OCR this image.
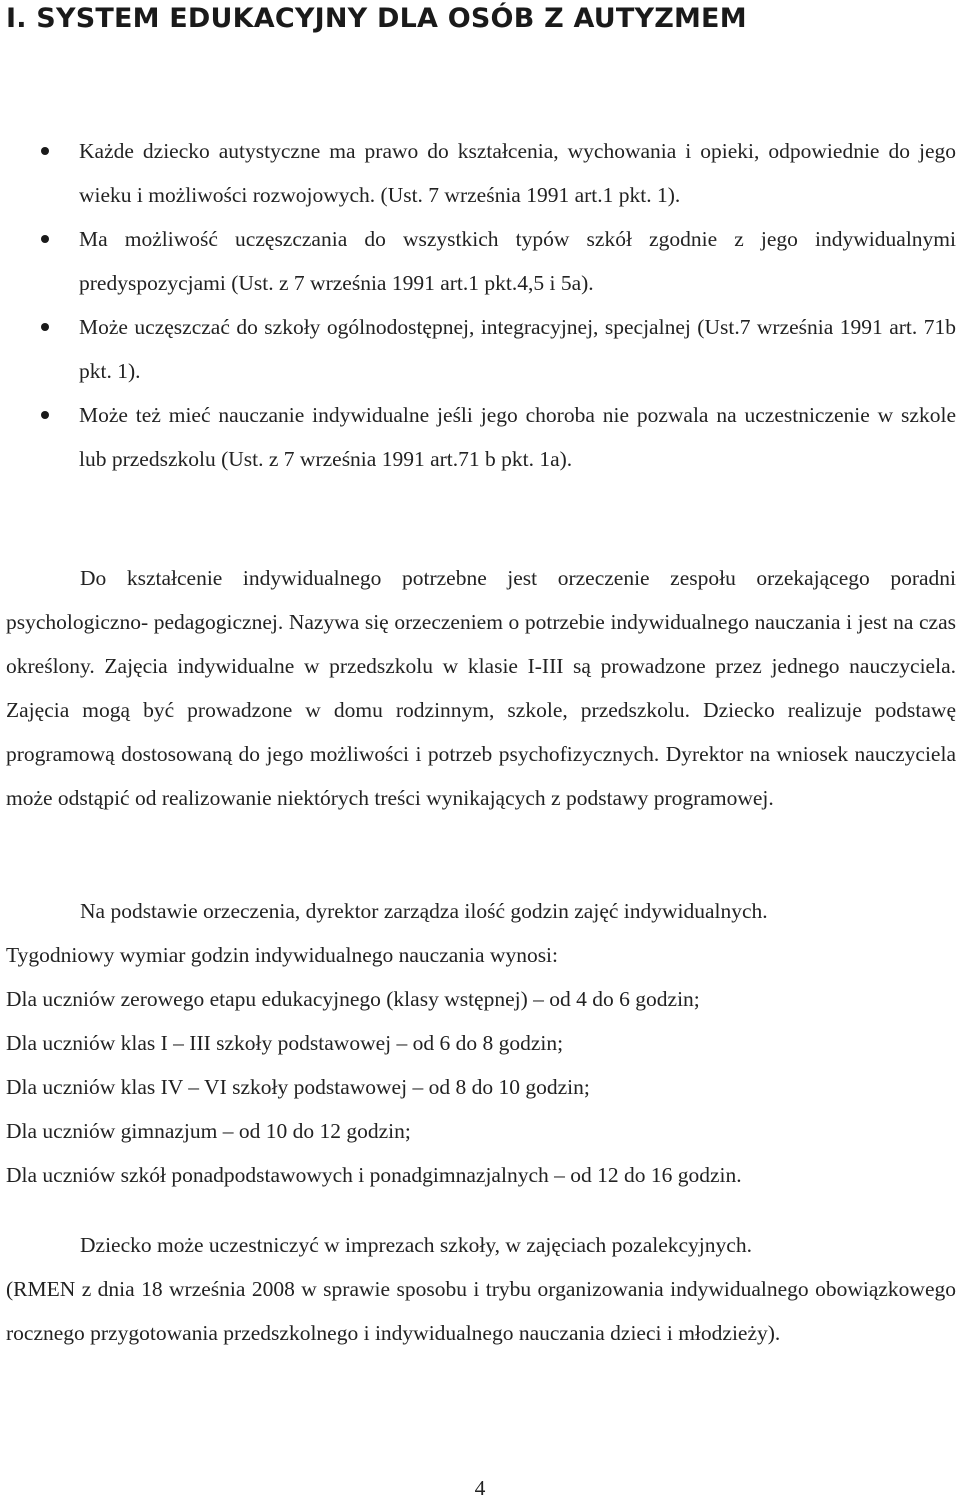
I. SYSTEM EDUKACYJNY DLA OSÓB Z AUTYZMEM
Każde dziecko autystyczne ma prawo do kształcenia, wychowania i opieki, odpowiednie do jego wieku i możliwości rozwojowych. (Ust. 7 września 1991 art.1 pkt. 1).
Ma możliwość uczęszczania do wszystkich typów szkół zgodnie z jego indywidualnymi predyspozycjami (Ust. z 7 września 1991 art.1 pkt.4,5 i 5a).
Może uczęszczać do szkoły ogólnodostępnej, integracyjnej, specjalnej (Ust.7 września 1991 art. 71b pkt. 1).
Może też mieć nauczanie indywidualne jeśli jego choroba nie pozwala na uczestniczenie w szkole lub przedszkolu (Ust. z 7 września 1991 art.71 b pkt. 1a).

Do kształcenie indywidualnego potrzebne jest orzeczenie zespołu orzekającego poradni psychologiczno- pedagogicznej. Nazywa się orzeczeniem o potrzebie indywidualnego nauczania i jest na czas określony. Zajęcia indywidualne w przedszkolu w klasie I-III są prowadzone przez jednego nauczyciela. Zajęcia mogą być prowadzone w domu rodzinnym, szkole, przedszkolu. Dziecko realizuje podstawę programową dostosowaną do jego możliwości i potrzeb psychofizycznych. Dyrektor na wniosek nauczyciela może odstąpić od realizowanie niektórych treści wynikających z podstawy programowej.

Na podstawie orzeczenia, dyrektor zarządza ilość godzin zajęć indywidualnych.

Tygodniowy wymiar godzin indywidualnego nauczania wynosi:

Dla uczniów zerowego etapu edukacyjnego (klasy wstępnej) – od 4 do 6 godzin;

Dla uczniów klas I – III szkoły podstawowej – od 6 do 8 godzin;

Dla uczniów klas IV – VI szkoły podstawowej – od 8 do 10 godzin;

Dla uczniów gimnazjum – od 10 do 12 godzin;

Dla uczniów szkół ponadpodstawowych i ponadgimnazjalnych – od 12 do 16 godzin.

Dziecko może uczestniczyć w imprezach szkoły, w zajęciach pozalekcyjnych.

(RMEN z dnia 18 września 2008 w sprawie sposobu i trybu organizowania indywidualnego obowiązkowego rocznego przygotowania przedszkolnego i indywidualnego nauczania dzieci i młodzieży).

4
